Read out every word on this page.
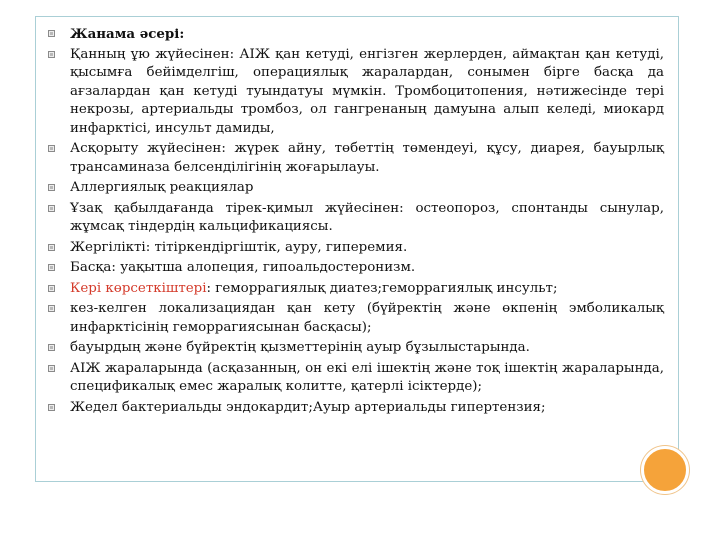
Жанама әсері:
Қанның ұю жүйесінен: АІЖ қан кетуді, енгізген жерлерден, аймақтан қан кетуді, қысымға бейімделгіш, операциялық жаралардан, сонымен бірге басқа да ағзалардан қан кетуді туындатуы мүмкін. Тромбоцитопения, нәтижесінде тері некрозы, артериальды тромбоз, ол гангренаның дамуына алып келеді, миокард инфарктісі, инсульт дамиды,
Асқорыту жүйесінен: жүрек айну, төбеттің төмендеуі, құсу, диарея, бауырлық трансаминаза белсенділігінің жоғарылауы.
Аллергиялық реакциялар
Ұзақ қабылдағанда тірек-қимыл жүйесінен: остеопороз, спонтанды сынулар, жұмсақ тіндердің кальцификациясы.
Жергілікті: тітіркендіргіштік, ауру, гиперемия.
Басқа: уақытша алопеция, гипоальдостеронизм.
Кері көрсеткіштері: геморрагиялық диатез;геморрагиялық инсульт;
кез-келген локализациядан қан кету (бүйректің және өкпенің эмболикалық инфарктісінің геморрагиясынан басқасы);
бауырдың және бүйректің қызметтерінің ауыр бұзылыстарында.
АІЖ жараларында (асқазанның, он екі елі ішектің және тоқ ішектің жараларында, спецификалық емес жаралық колитте, қатерлі ісіктерде);
Жедел бактериальды эндокардит;Ауыр артериальды гипертензия;
